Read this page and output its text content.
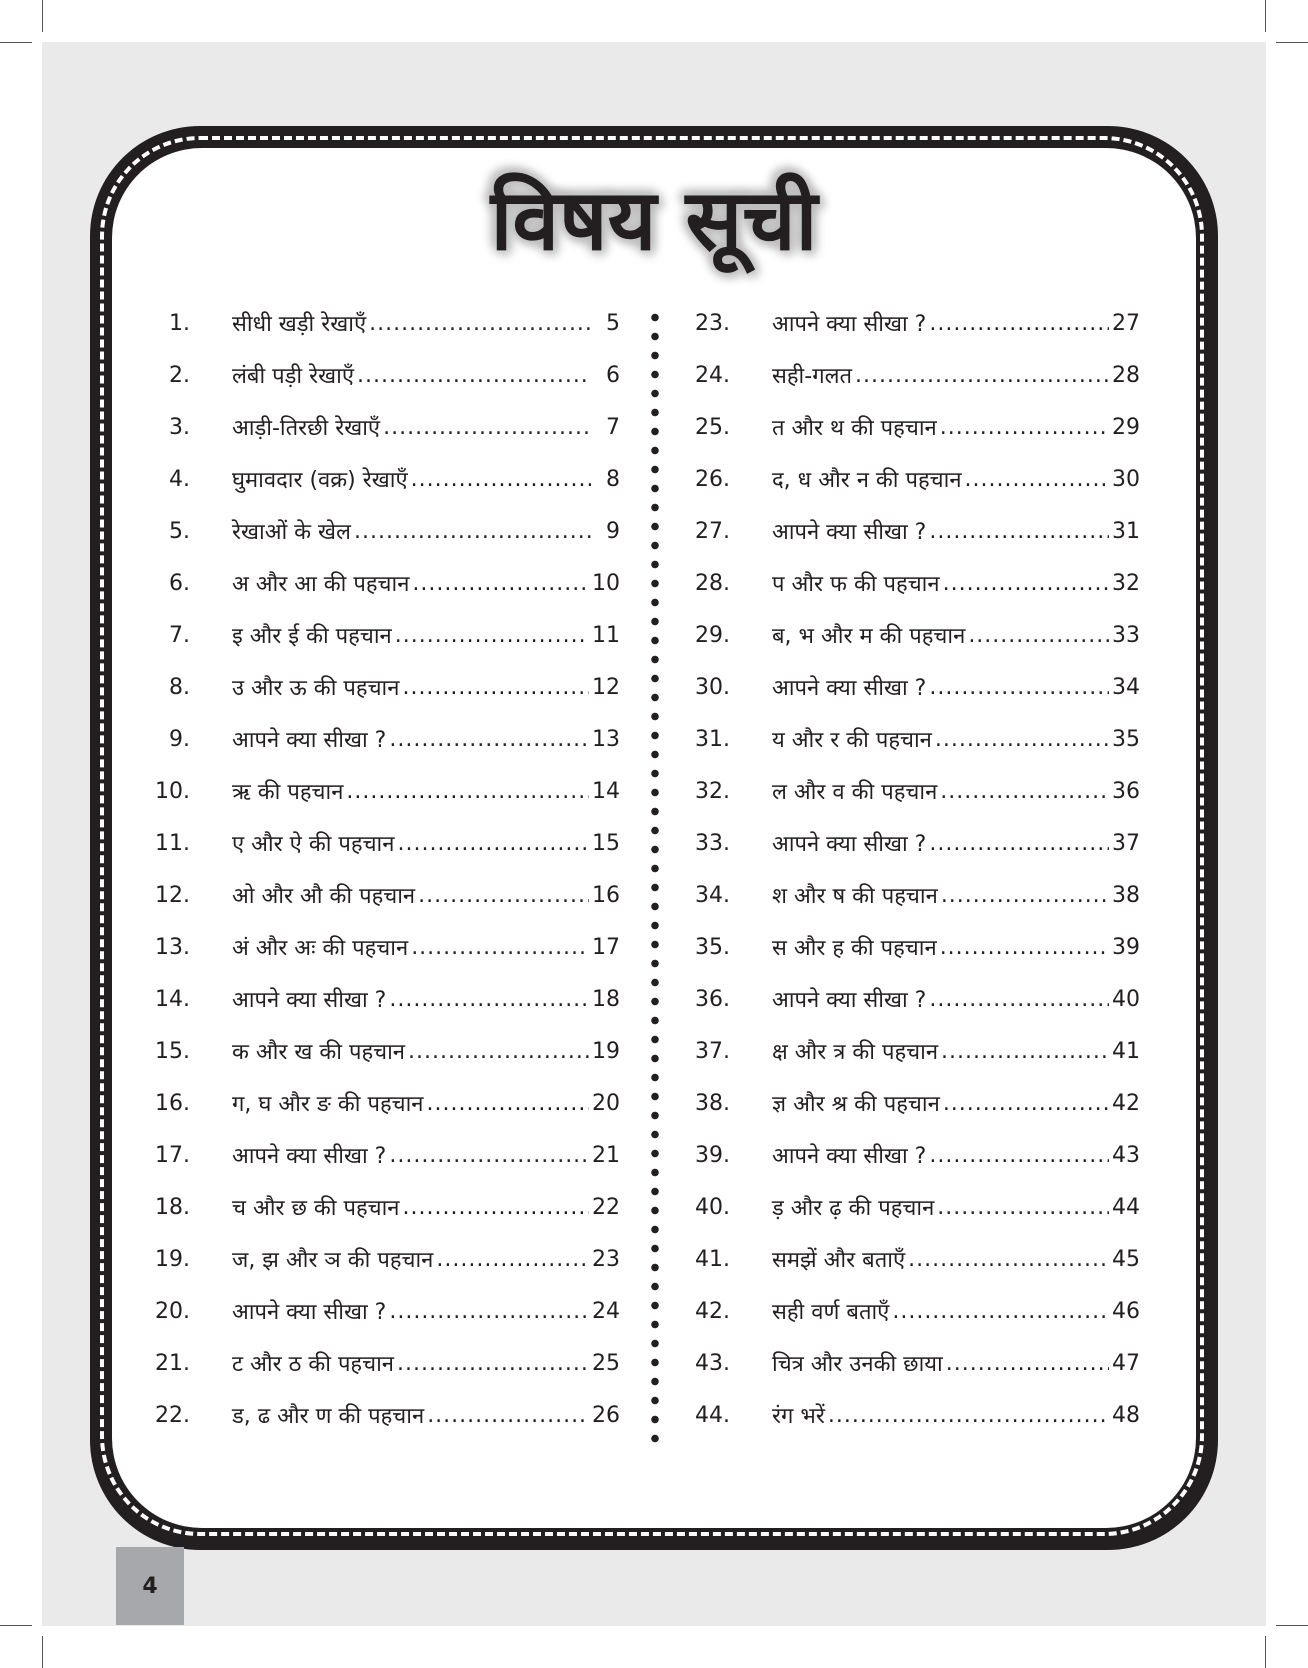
विषय सूची
1. सीधी खड़ी रेखाएँ .....	5
2. लंबी पड़ी रेखाएँ .....	6
3. आड़ी-तिरछी रेखाएँ .....	7
4. घुमावदार (वक्र) रेखाएँ .....	8
5. रेखाओं के खेल .....	9
6. अ और आ की पहचान .....	10
7. इ और ई की पहचान .....	11
8. उ और ऊ की पहचान .....	12
9. आपने क्या सीखा ? .....	13
10. ऋ की पहचान .....	14
11. ए और ऐ की पहचान .....	15
12. ओ और औ की पहचान .....	16
13. अं और अः की पहचान .....	17
14. आपने क्या सीखा ? .....	18
15. क और ख की पहचान .....	19
16. ग, घ और ङ की पहचान .....	20
17. आपने क्या सीखा ? .....	21
18. च और छ की पहचान .....	22
19. ज, झ और ञ की पहचान .....	23
20. आपने क्या सीखा ? .....	24
21. ट और ठ की पहचान .....	25
22. ड, ढ और ण की पहचान .....	26
23. आपने क्या सीखा ? .....	27
24. सही-गलत .....	28
25. त और थ की पहचान .....	29
26. द, ध और न की पहचान .....	30
27. आपने क्या सीखा ? .....	31
28. प और फ की पहचान .....	32
29. ब, भ और म की पहचान .....	33
30. आपने क्या सीखा ? .....	34
31. य और र की पहचान .....	35
32. ल और व की पहचान .....	36
33. आपने क्या सीखा ? .....	37
34. श और ष की पहचान .....	38
35. स और ह की पहचान .....	39
36. आपने क्या सीखा ? .....	40
37. क्ष और त्र की पहचान .....	41
38. ज्ञ और श्र की पहचान .....	42
39. आपने क्या सीखा ? .....	43
40. ड़ और ढ़ की पहचान .....	44
41. समझें और बताएँ .....	45
42. सही वर्ण बताएँ .....	46
43. चित्र और उनकी छाया .....	47
44. रंग भरें .....	48
4
